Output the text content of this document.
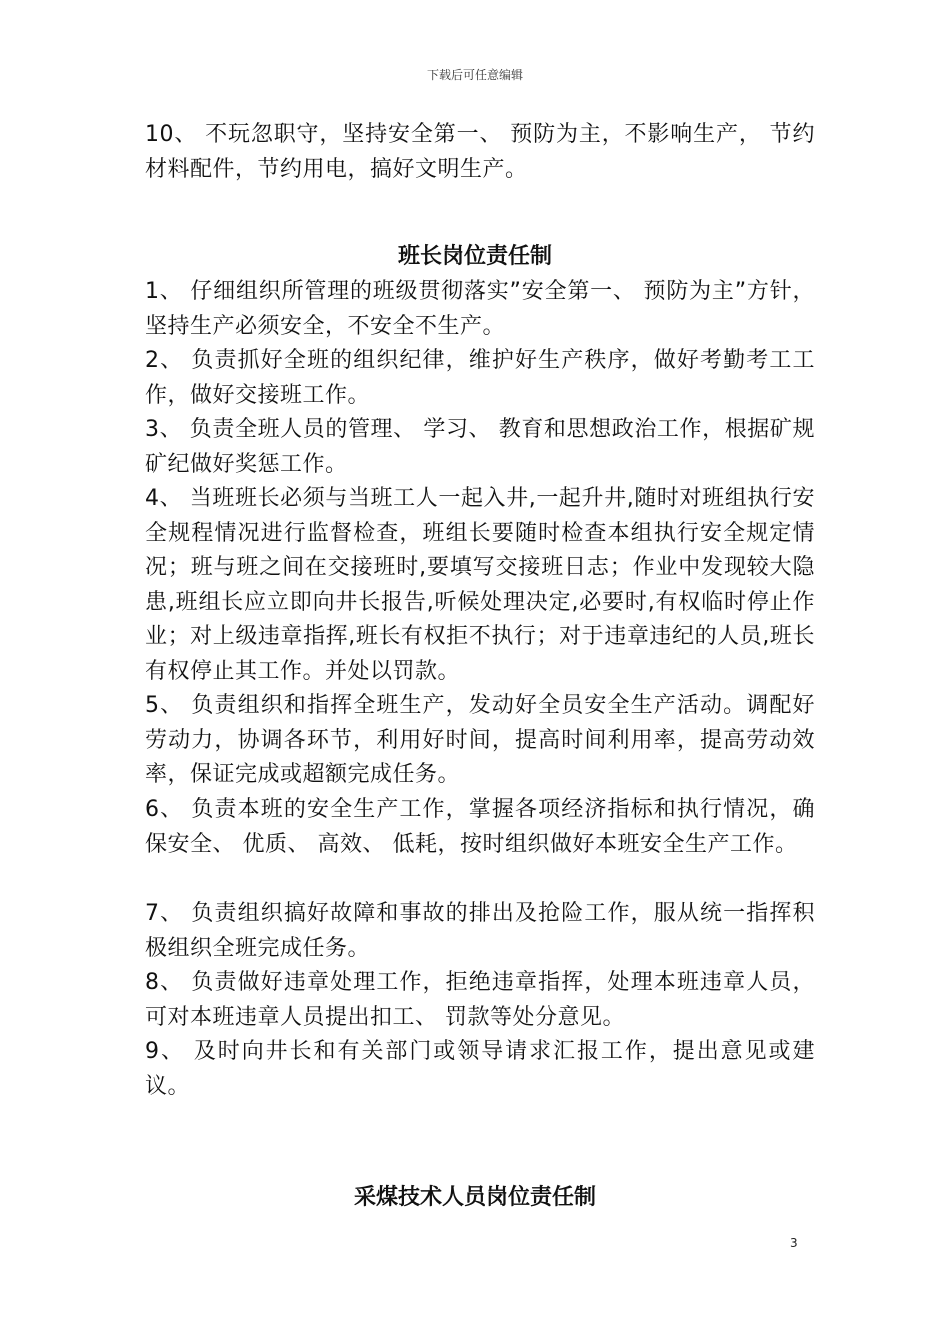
下载后可任意编辑
10、 不玩忽职守，坚持安全第一、 预防为主，不影响生产， 节约材料配件，节约用电，搞好文明生产。
班长岗位责任制
1、 仔细组织所管理的班级贯彻落实”安全第一、 预防为主”方针，坚持生产必须安全，不安全不生产。
2、 负责抓好全班的组织纪律，维护好生产秩序，做好考勤考工工作，做好交接班工作。
3、 负责全班人员的管理、 学习、 教育和思想政治工作，根据矿规矿纪做好奖惩工作。
4、 当班班长必须与当班工人一起入井,一起升井,随时对班组执行安全规程情况进行监督检查，班组长要随时检查本组执行安全规定情况；班与班之间在交接班时,要填写交接班日志；作业中发现较大隐患,班组长应立即向井长报告,听候处理决定,必要时,有权临时停止作业；对上级违章指挥,班长有权拒不执行；对于违章违纪的人员,班长有权停止其工作。并处以罚款。
5、 负责组织和指挥全班生产，发动好全员安全生产活动。调配好劳动力，协调各环节，利用好时间，提高时间利用率，提高劳动效率，保证完成或超额完成任务。
6、 负责本班的安全生产工作，掌握各项经济指标和执行情况，确保安全、 优质、 高效、 低耗，按时组织做好本班安全生产工作。
7、 负责组织搞好故障和事故的排出及抢险工作，服从统一指挥积极组织全班完成任务。
8、 负责做好违章处理工作，拒绝违章指挥，处理本班违章人员，可对本班违章人员提出扣工、 罚款等处分意见。
9、 及时向井长和有关部门或领导请求汇报工作，提出意见或建议。
采煤技术人员岗位责任制
3
